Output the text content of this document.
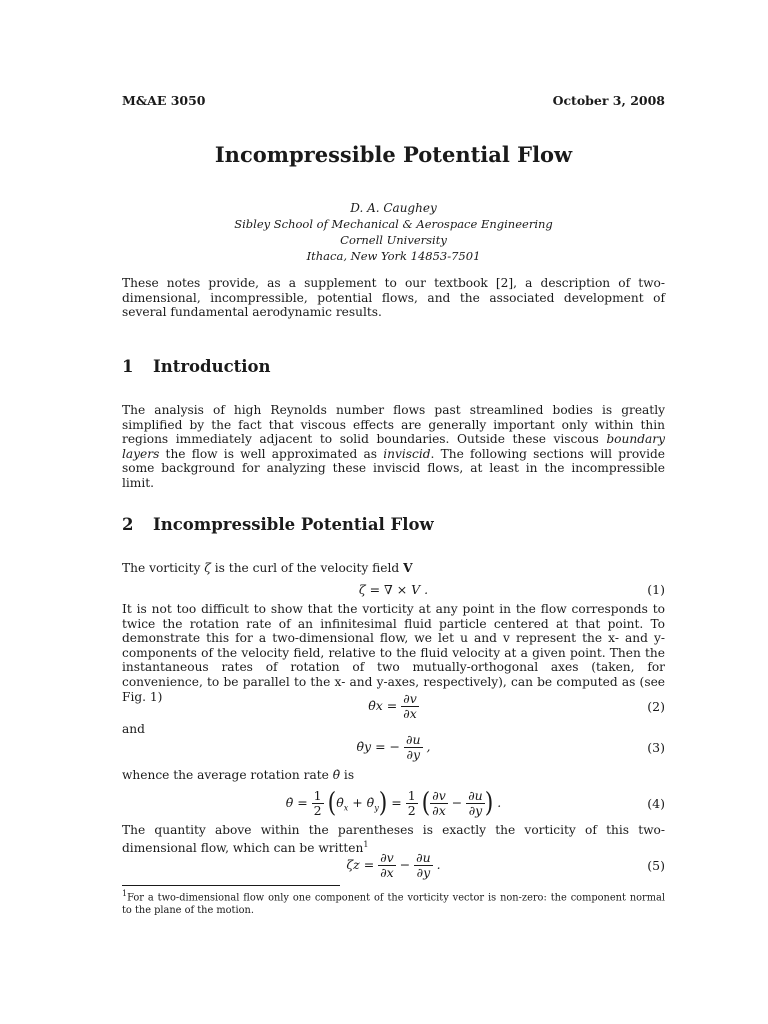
M&AE 3050	October 3, 2008
Incompressible Potential Flow
D. A. Caughey
Sibley School of Mechanical & Aerospace Engineering
Cornell University
Ithaca, New York 14853-7501

These notes provide, as a supplement to our textbook [2], a description of two-dimensional, incompressible, potential flows, and the associated development of several fundamental aerodynamic results.

1 Introduction

The analysis of high Reynolds number flows past streamlined bodies is greatly simplified by the fact that viscous effects are generally important only within thin regions immediately adjacent to solid boundaries. Outside these viscous boundary layers the flow is well approximated as inviscid. The following sections will provide some background for analyzing these inviscid flows, at least in the incompressible limit.

2 Incompressible Potential Flow
The vorticity ζ is the curl of the velocity field V
ζ = ∇ × V .	(1)

It is not too difficult to show that the vorticity at any point in the flow corresponds to twice the rotation rate of an infinitesimal fluid particle centered at that point. To demonstrate this for a two-dimensional flow, we let u and v represent the x- and y- components of the velocity field, relative to the fluid velocity at a given point. Then the instantaneous rates of rotation of two mutually-orthogonal axes (taken, for convenience, to be parallel to the x- and y-axes, respectively), can be computed as (see Fig. 1)

θ̇x = $\frac{\partial v}{\partial x}$	(2)
and
θ̇y = − $\frac{\partial u}{\partial y}$ ,	(3)
whence the average rotation rate θ̇ is
θ̇ = $\frac{1}{2}$ ($\thetȧ_x$ + $\thetȧ_y) = \frac{1}{2}$ ( $\frac{\partial v}{\partial x} - \frac{\partial u}{\partial y}$ ) .	(4)

The quantity above within the parentheses is exactly the vorticity of this two-dimensional flow, which can be written$^1$

$\zeta z = \frac{\partial v}{\partial x} - \frac{\partial u}{\partial y}$ .	(5)
$^1$For a two-dimensional flow only one component of the vorticity vector is non-zero: the component normal to the plane of the motion.
